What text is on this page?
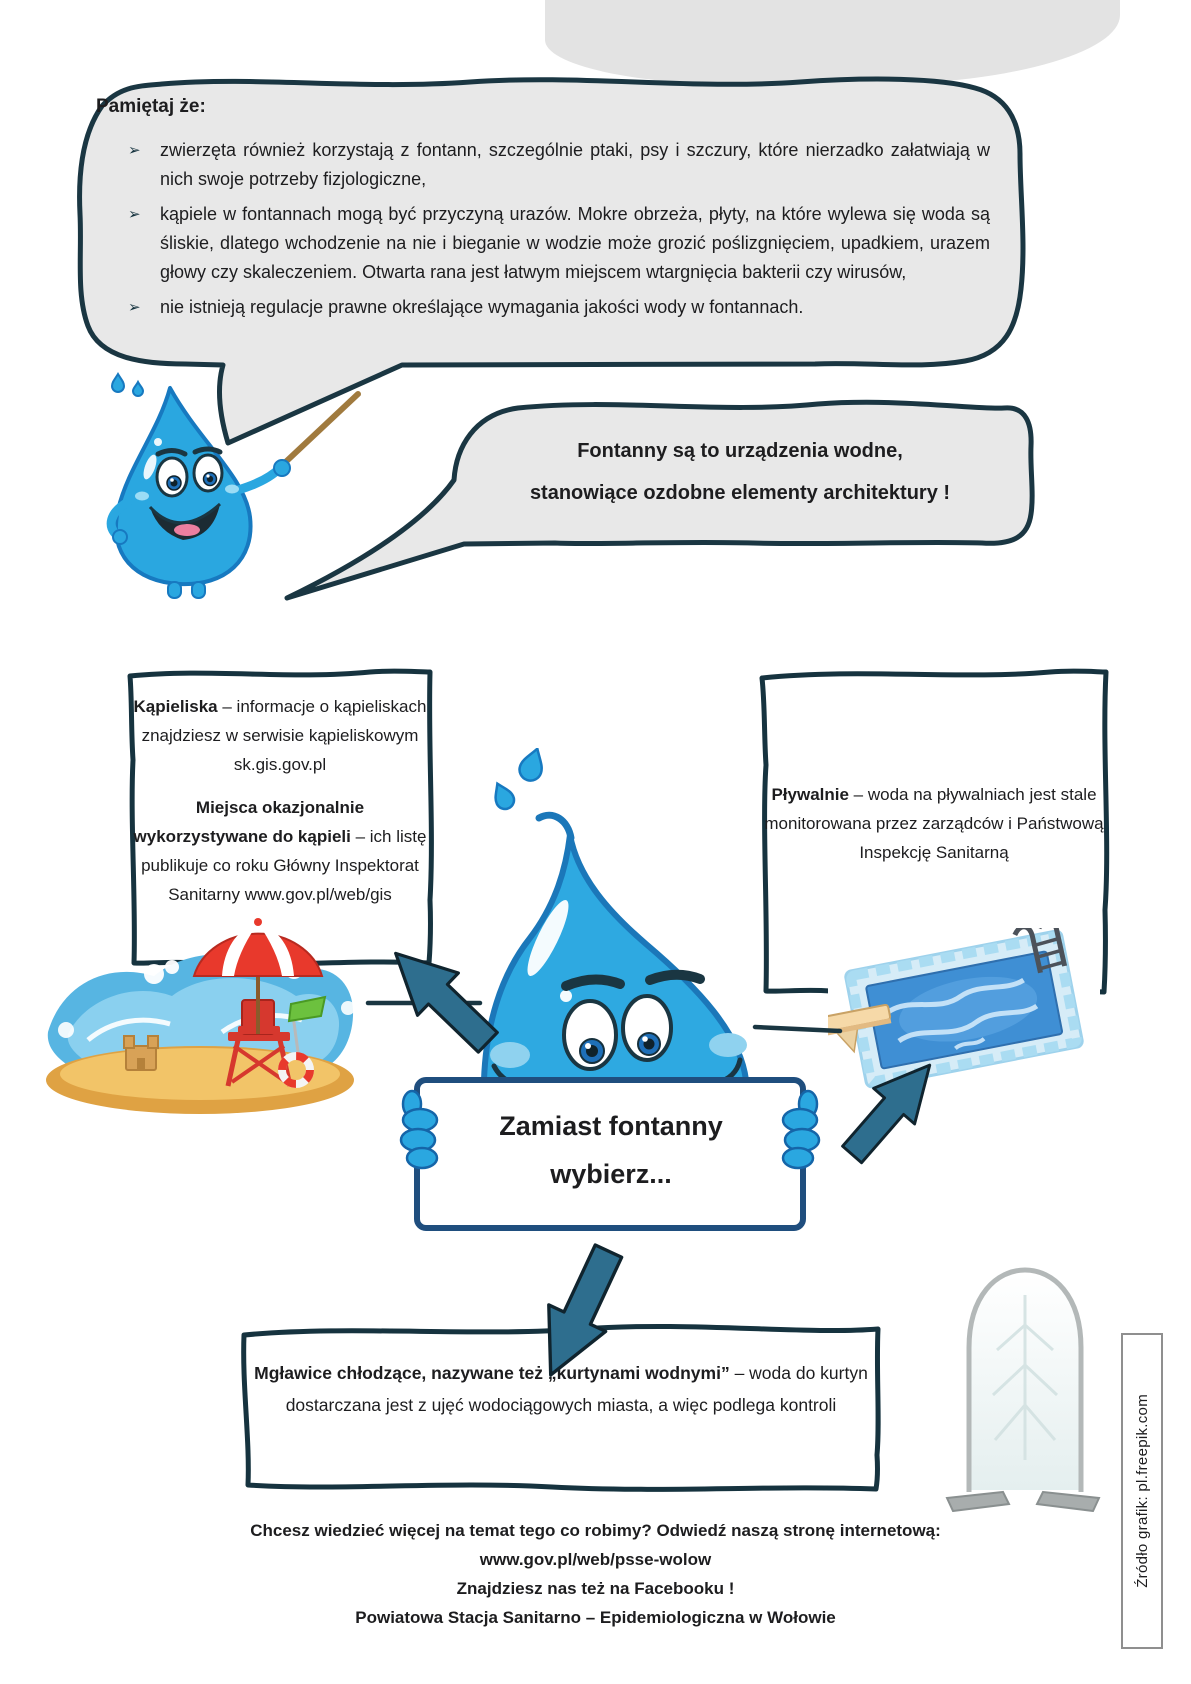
Pamiętaj że:
➢	zwierzęta również korzystają z fontann, szczególnie ptaki, psy i szczury, które nierzadko załatwiają w nich swoje potrzeby fizjologiczne,
➢	kąpiele w fontannach mogą być przyczyną urazów. Mokre obrzeża, płyty, na które wylewa się woda są śliskie, dlatego wchodzenie na nie i bieganie w wodzie może grozić poślizgnięciem, upadkiem, urazem głowy czy skaleczeniem. Otwarta rana jest łatwym miejscem wtargnięcia bakterii czy wirusów,
➢	nie istnieją regulacje prawne określające wymagania jakości wody w fontannach.
Fontanny są to urządzenia wodne,
stanowiące ozdobne elementy architektury !

Kąpieliska – informacje o kąpieliskach znajdziesz w serwisie kąpieliskowym sk.gis.gov.pl

Miejsca okazjonalnie wykorzystywane do kąpieli – ich listę publikuje co roku Główny Inspektorat Sanitarny www.gov.pl/web/gis

Pływalnie – woda na pływalniach jest stale monitorowana przez zarządców i Państwową Inspekcję Sanitarną

Zamiast fontanny
wybierz...

Mgławice chłodzące, nazywane też „kurtynami wodnymi” – woda do kurtyn dostarczana jest z ujęć wodociągowych miasta, a więc podlega kontroli

Chcesz wiedzieć więcej na temat tego co robimy? Odwiedź naszą stronę internetową:
www.gov.pl/web/psse-wolow
Znajdziesz nas też na Facebooku !
Powiatowa Stacja Sanitarno – Epidemiologiczna w Wołowie
Źródło grafik: pl.freepik.com
